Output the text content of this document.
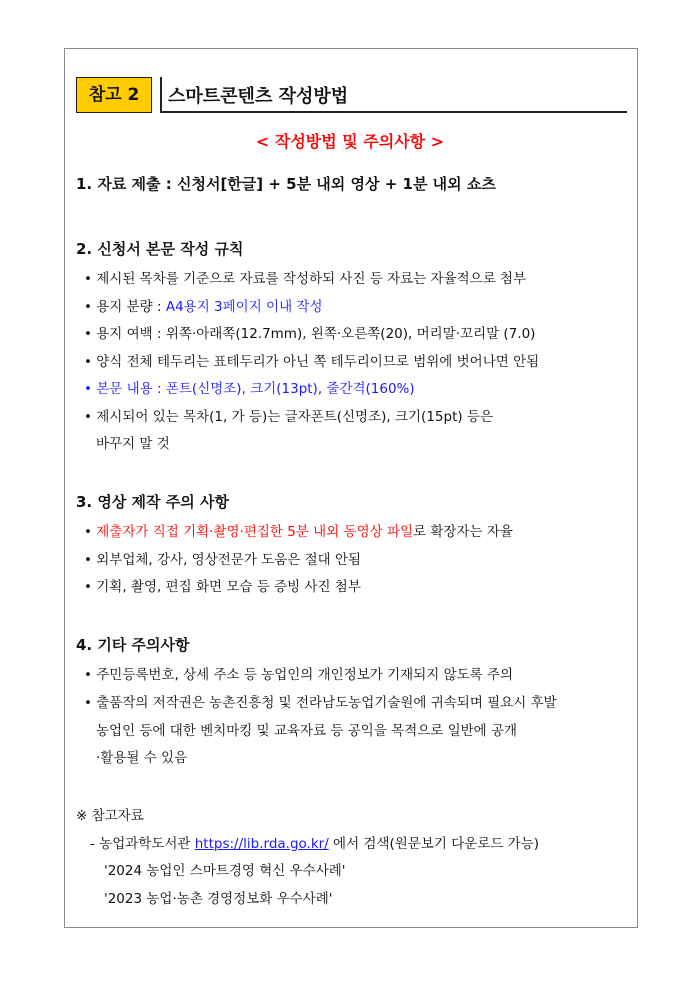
참고 2	스마트콘텐츠 작성방법
< 작성방법 및 주의사항 >
1. 자료 제출 : 신청서[한글] + 5분 내외 영상 + 1분 내외 쇼츠
2. 신청서 본문 작성 규칙
• 제시된 목차를 기준으로 자료를 작성하되 사진 등 자료는 자율적으로 첨부
• 용지 분량 : A4용지 3페이지 이내 작성
• 용지 여백 : 위쪽·아래쪽(12.7mm), 왼쪽·오른쪽(20), 머리말·꼬리말 (7.0)
• 양식 전체 테두리는 표테두리가 아닌 쪽 테두리이므로 범위에 벗어나면 안됨
• 본문 내용 : 폰트(신명조), 크기(13pt), 줄간격(160%)
• 제시되어 있는 목차(1, 가 등)는 글자폰트(신명조), 크기(15pt) 등은
바꾸지 말 것
3. 영상 제작 주의 사항
• 제출자가 직접 기획·촬영·편집한 5분 내외 동영상 파일로 확장자는 자율
• 외부업체, 강사, 영상전문가 도움은 절대 안됨
• 기획, 촬영, 편집 화면 모습 등 증빙 사진 첨부
4. 기타 주의사항
• 주민등록번호, 상세 주소 등 농업인의 개인정보가 기재되지 않도록 주의
• 출품작의 저작권은 농촌진흥청 및 전라남도농업기술원에 귀속되며 필요시 후발
농업인 등에 대한 벤치마킹 및 교육자료 등 공익을 목적으로 일반에 공개
·활용될 수 있음
※ 참고자료
- 농업과학도서관 https://lib.rda.go.kr/ 에서 검색(원문보기 다운로드 가능)
'2024 농업인 스마트경영 혁신 우수사례'
'2023 농업·농촌 경영정보화 우수사례'
